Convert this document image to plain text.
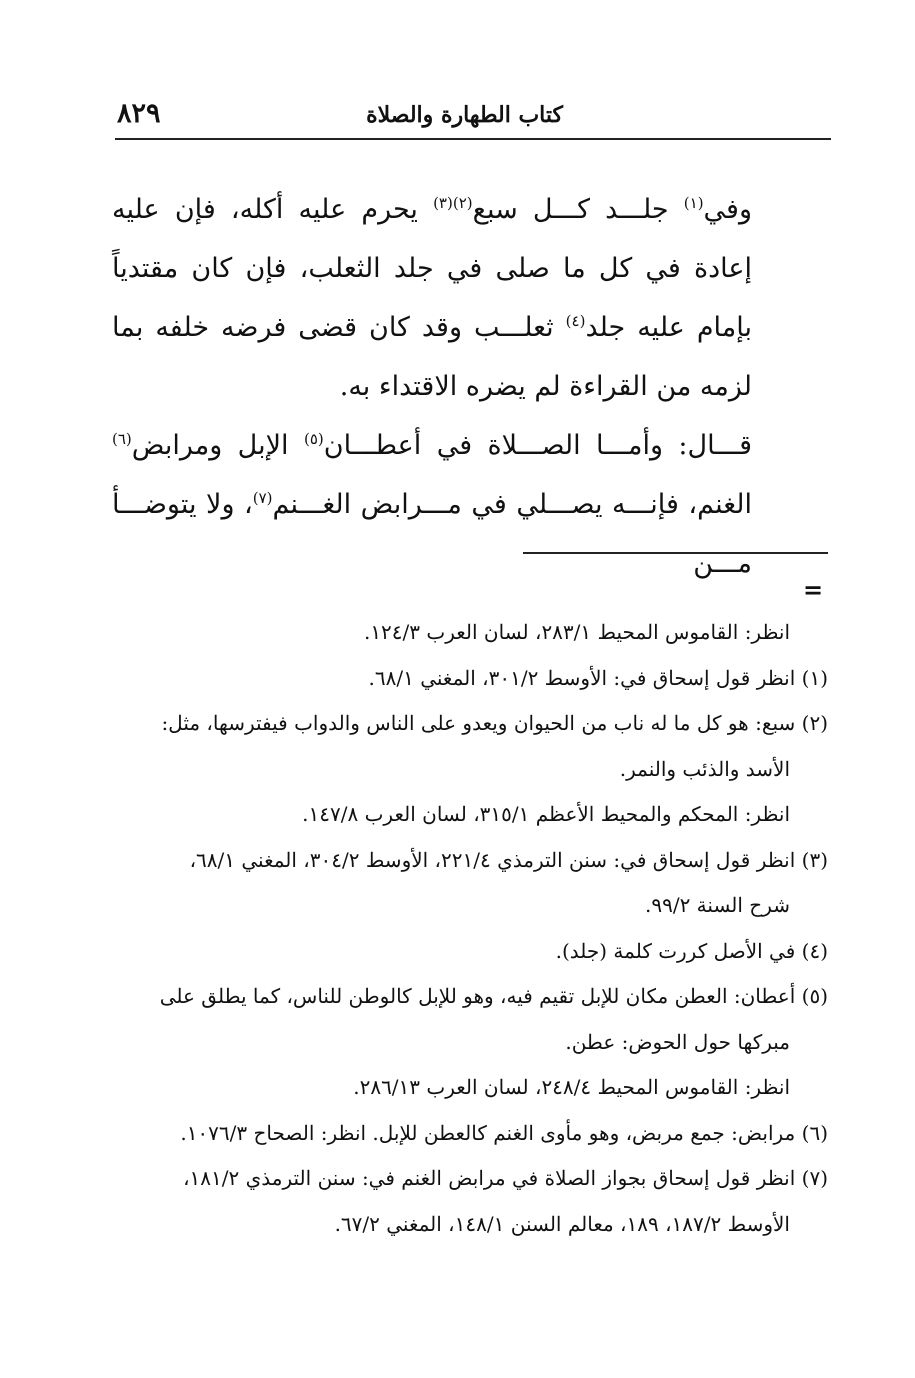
كتاب الطهارة والصلاة
٨٢٩

وفي$^{(١)}$ جلـــد كـــل سبع$^{(٢)(٣)}$ يحرم عليه أكله، فإن عليه إعادة في كل ما صلى في جلد الثعلب، فإن كان مقتدياً بإمام عليه جلد$^{(٤)}$ ثعلـــب وقد كان قضى فرضه خلفه بما لزمه من القراءة لم يضره الاقتداء به.

قـــال: وأمـــا الصـــلاة في أعطـــان$^{(٥)}$ الإبل ومرابض$^{(٦)}$ الغنم، فإنـــه يصـــلي في مـــرابض الغـــنم$^{(٧)}$، ولا يتوضـــأ مـــن

=

انظر: القاموس المحيط ٢٨٣/١، لسان العرب ١٢٤/٣.

(١) انظر قول إسحاق في: الأوسط ٣٠١/٢، المغني ٦٨/١.

(٢) سبع: هو كل ما له ناب من الحيوان ويعدو على الناس والدواب فيفترسها، مثل:

الأسد والذئب والنمر.

انظر: المحكم والمحيط الأعظم ٣١٥/١، لسان العرب ١٤٧/٨.

(٣) انظر قول إسحاق في: سنن الترمذي ٢٢١/٤، الأوسط ٣٠٤/٢، المغني ٦٨/١،

شرح السنة ٩٩/٢.

(٤) في الأصل كررت كلمة (جلد).

(٥) أعطان: العطن مكان للإبل تقيم فيه، وهو للإبل كالوطن للناس، كما يطلق على

مبركها حول الحوض: عطن.

انظر: القاموس المحيط ٢٤٨/٤، لسان العرب ٢٨٦/١٣.

(٦) مرابض: جمع مربض، وهو مأوى الغنم كالعطن للإبل. انظر: الصحاح ١٠٧٦/٣.

(٧) انظر قول إسحاق بجواز الصلاة في مرابض الغنم في: سنن الترمذي ١٨١/٢،

الأوسط ١٨٧/٢، ١٨٩، معالم السنن ١٤٨/١، المغني ٦٧/٢.
